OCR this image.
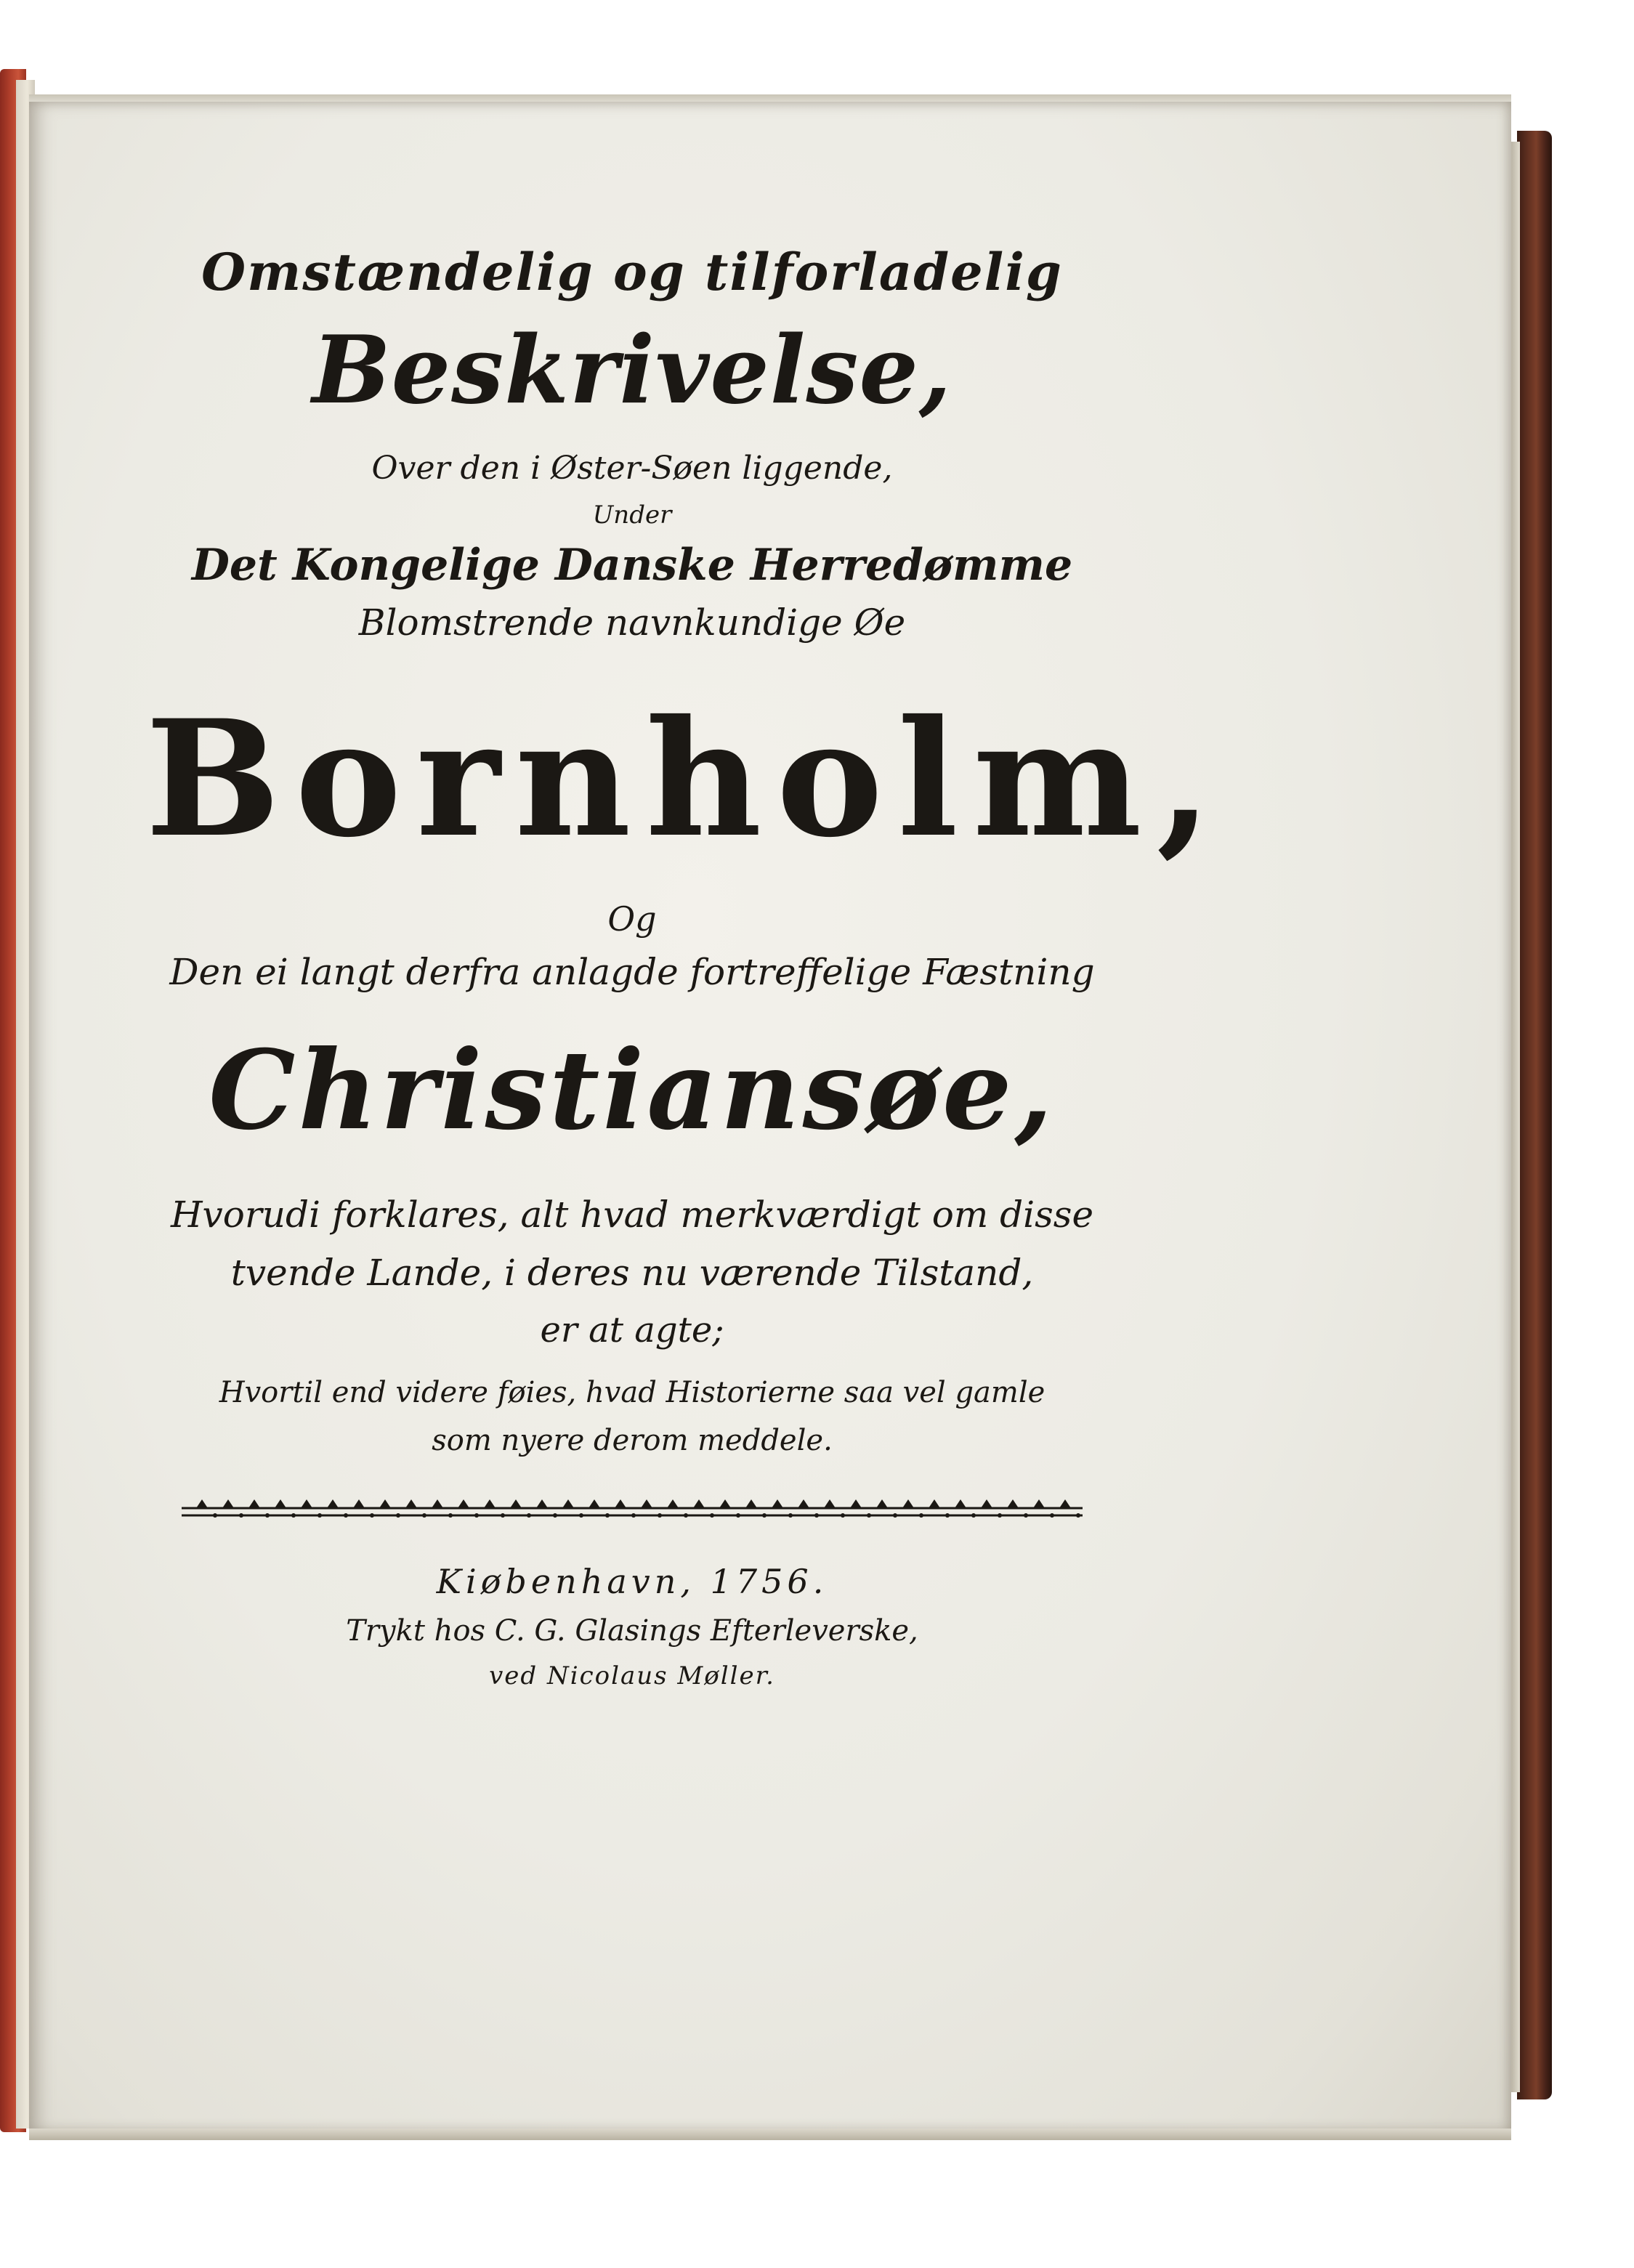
Omstændelig og tilforladelig
Beskrivelse,
Over den i Øster-Søen liggende,
Under
Det Kongelige Danske Herredømme
Blomstrende navnkundige Øe
Bornholm,
Og
Den ei langt derfra anlagde fortreffelige Fæstning
Christiansøe,
Hvorudi forklares, alt hvad merkværdigt om disse
tvende Lande, i deres nu værende Tilstand,
er at agte;
Hvortil end videre føies, hvad Historierne saa vel gamle
som nyere derom meddele.
Kiøbenhavn, 1756.
Trykt hos C. G. Glasings Efterleverske,
ved Nicolaus Møller.
